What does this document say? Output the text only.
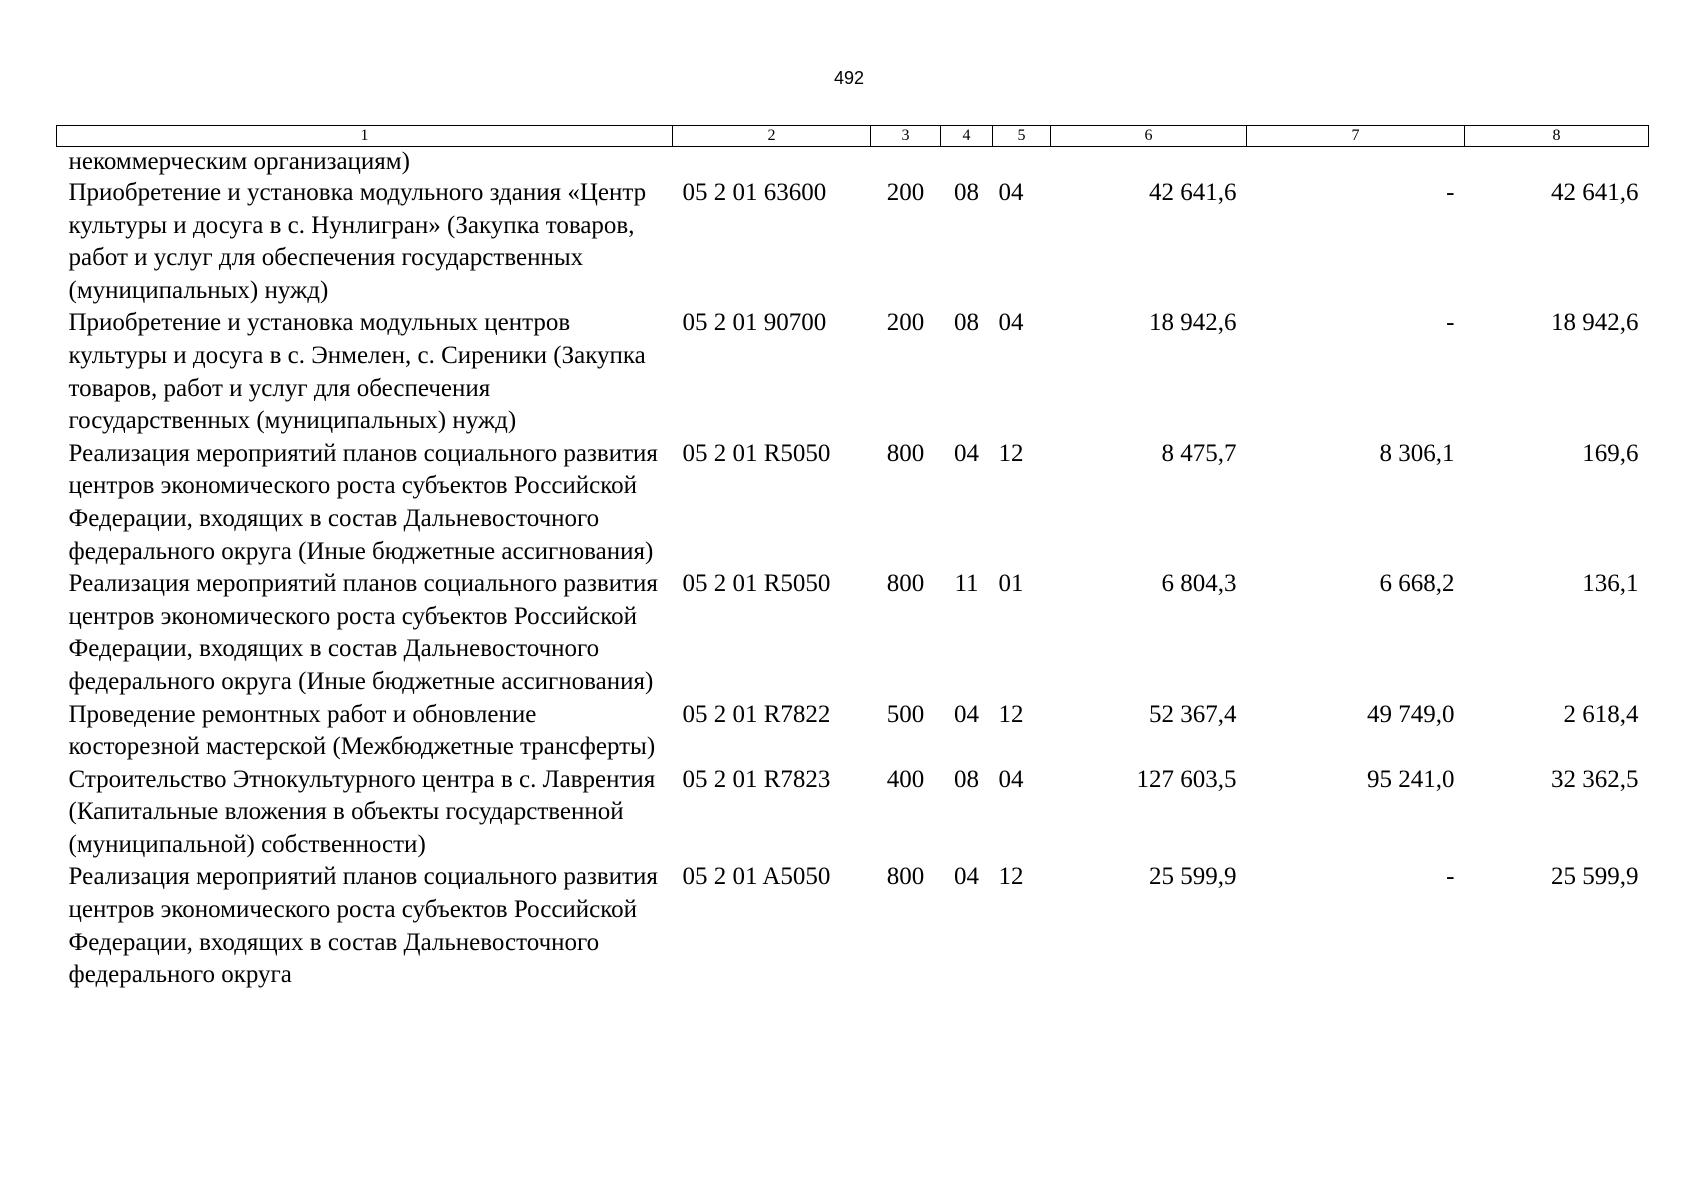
492
1	2	3	4	5	6	7	8
некоммерческим организациям)							
Приобретение и установка модульного здания «Центр культуры и досуга в с. Нунлигран» (Закупка товаров, работ и услуг для обеспечения государственных (муниципальных) нужд)	05 2 01 63600	200	08	04	42 641,6	-	42 641,6
Приобретение и установка модульных центров культуры и досуга в с. Энмелен, с. Сиреники (Закупка товаров, работ и услуг для обеспечения государственных (муниципальных) нужд)	05 2 01 90700	200	08	04	18 942,6	-	18 942,6
Реализация мероприятий планов социального развития центров экономического роста субъектов Российской Федерации, входящих в состав Дальневосточного федерального округа (Иные бюджетные ассигнования)	05 2 01 R5050	800	04	12	8 475,7	8 306,1	169,6
Реализация мероприятий планов социального развития центров экономического роста субъектов Российской Федерации, входящих в состав Дальневосточного федерального округа (Иные бюджетные ассигнования)	05 2 01 R5050	800	11	01	6 804,3	6 668,2	136,1
Проведение ремонтных работ и обновление косторезной мастерской (Межбюджетные трансферты)	05 2 01 R7822	500	04	12	52 367,4	49 749,0	2 618,4
Строительство Этнокультурного центра в с. Лаврентия (Капитальные вложения в объекты государственной (муниципальной) собственности)	05 2 01 R7823	400	08	04	127 603,5	95 241,0	32 362,5
Реализация мероприятий планов социального развития центров экономического роста субъектов Российской Федерации, входящих в состав Дальневосточного федерального округа	05 2 01 A5050	800	04	12	25 599,9	-	25 599,9
